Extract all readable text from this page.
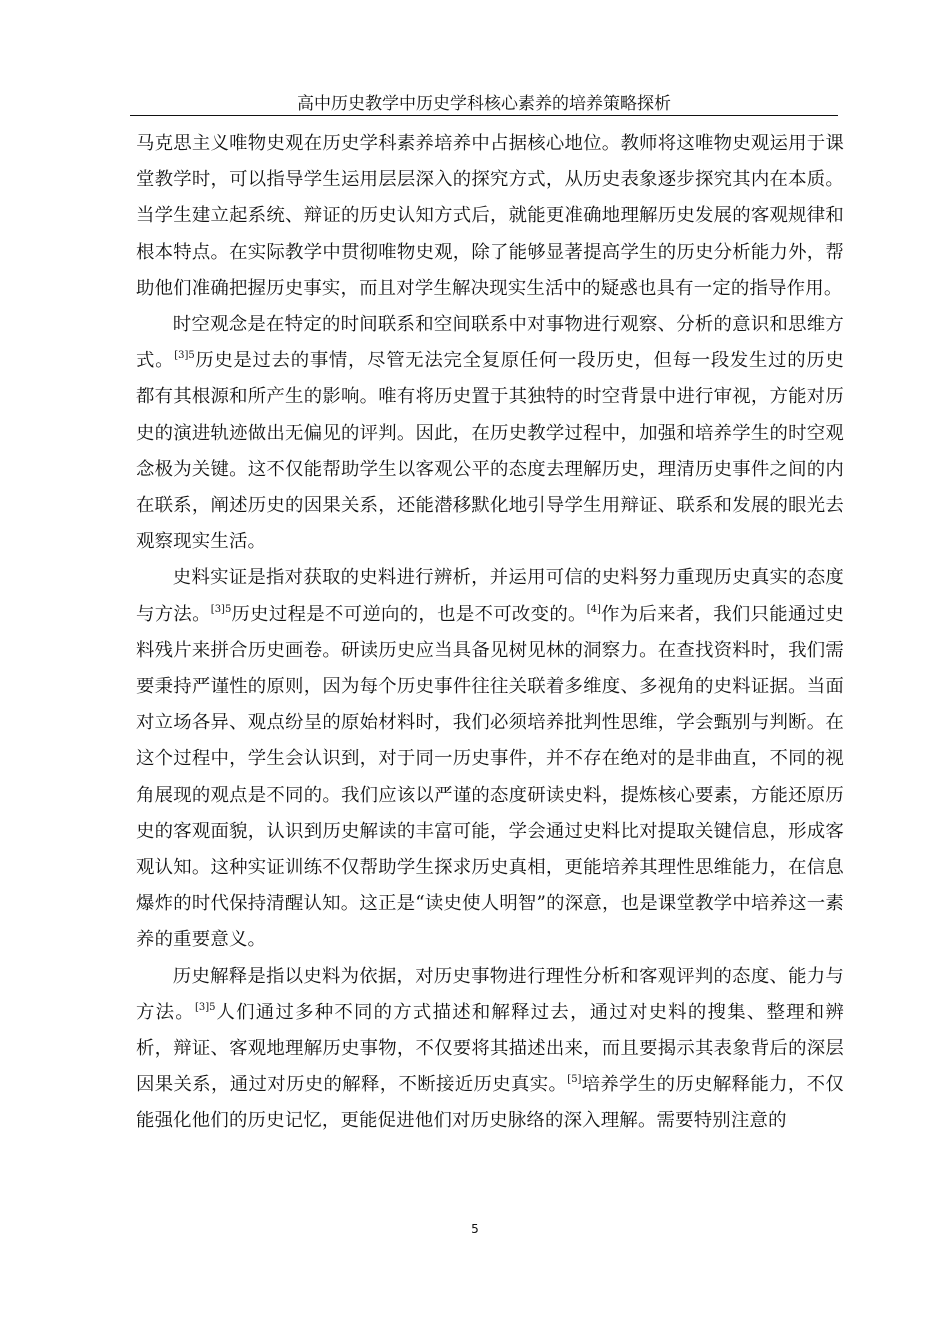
高中历史教学中历史学科核心素养的培养策略探析

马克思主义唯物史观在历史学科素养培养中占据核心地位。教师将这唯物史观运用于课堂教学时，可以指导学生运用层层深入的探究方式，从历史表象逐步探究其内在本质。当学生建立起系统、辩证的历史认知方式后，就能更准确地理解历史发展的客观规律和根本特点。在实际教学中贯彻唯物史观，除了能够显著提高学生的历史分析能力外，帮助他们准确把握历史事实，而且对学生解决现实生活中的疑惑也具有一定的指导作用。

时空观念是在特定的时间联系和空间联系中对事物进行观察、分析的意识和思维方式。$^{[3]5}$历史是过去的事情，尽管无法完全复原任何一段历史，但每一段发生过的历史都有其根源和所产生的影响。唯有将历史置于其独特的时空背景中进行审视，方能对历史的演进轨迹做出无偏见的评判。因此，在历史教学过程中，加强和培养学生的时空观念极为关键。这不仅能帮助学生以客观公平的态度去理解历史，理清历史事件之间的内在联系，阐述历史的因果关系，还能潜移默化地引导学生用辩证、联系和发展的眼光去观察现实生活。

史料实证是指对获取的史料进行辨析，并运用可信的史料努力重现历史真实的态度与方法。$^{[3]5}$历史过程是不可逆向的，也是不可改变的。[4]作为后来者，我们只能通过史料残片来拼合历史画卷。研读历史应当具备见树见林的洞察力。在查找资料时，我们需要秉持严谨性的原则，因为每个历史事件往往关联着多维度、多视角的史料证据。当面对立场各异、观点纷呈的原始材料时，我们必须培养批判性思维，学会甄别与判断。在这个过程中，学生会认识到，对于同一历史事件，并不存在绝对的是非曲直，不同的视角展现的观点是不同的。我们应该以严谨的态度研读史料，提炼核心要素，方能还原历史的客观面貌，认识到历史解读的丰富可能，学会通过史料比对提取关键信息，形成客观认知。这种实证训练不仅帮助学生探求历史真相，更能培养其理性思维能力，在信息爆炸的时代保持清醒认知。这正是“读史使人明智”的深意，也是课堂教学中培养这一素养的重要意义。

历史解释是指以史料为依据，对历史事物进行理性分析和客观评判的态度、能力与方法。$^{[3]5}$人们通过多种不同的方式描述和解释过去，通过对史料的搜集、整理和辨析，辩证、客观地理解历史事物，不仅要将其描述出来，而且要揭示其表象背后的深层因果关系，通过对历史的解释，不断接近历史真实。[5]培养学生的历史解释能力，不仅能强化他们的历史记忆，更能促进他们对历史脉络的深入理解。需要特别注意的

5
